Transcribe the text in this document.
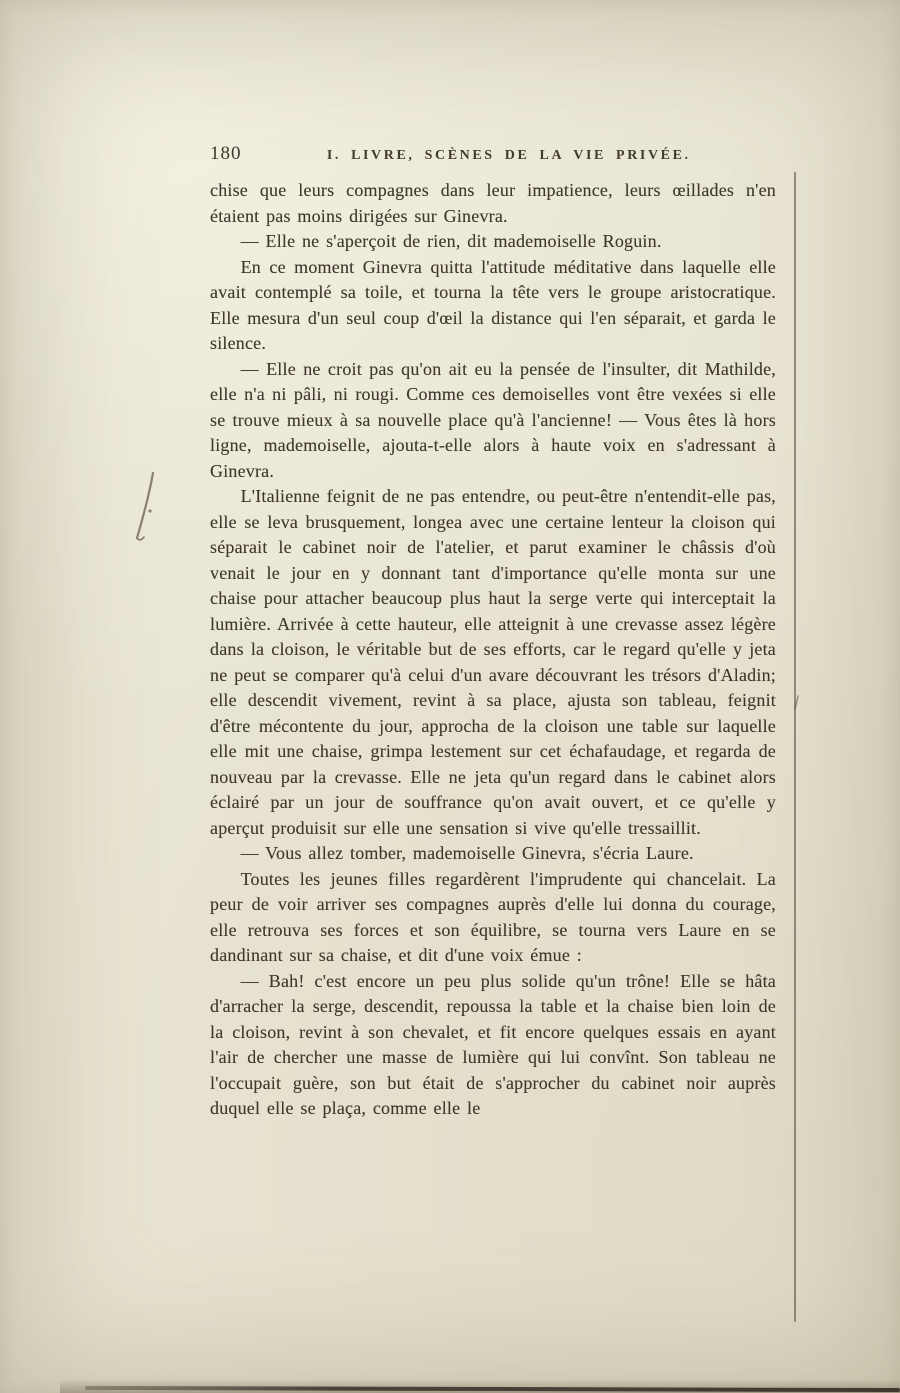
180	I. LIVRE, SCÈNES DE LA VIE PRIVÉE.

chise que leurs compagnes dans leur impatience, leurs œillades n'en étaient pas moins dirigées sur Ginevra.

— Elle ne s'aperçoit de rien, dit mademoiselle Roguin.

En ce moment Ginevra quitta l'attitude méditative dans laquelle elle avait contemplé sa toile, et tourna la tête vers le groupe aristocratique. Elle mesura d'un seul coup d'œil la distance qui l'en séparait, et garda le silence.

— Elle ne croit pas qu'on ait eu la pensée de l'insulter, dit Mathilde, elle n'a ni pâli, ni rougi. Comme ces demoiselles vont être vexées si elle se trouve mieux à sa nouvelle place qu'à l'ancienne! — Vous êtes là hors ligne, mademoiselle, ajouta-t-elle alors à haute voix en s'adressant à Ginevra.

L'Italienne feignit de ne pas entendre, ou peut-être n'entendit-elle pas, elle se leva brusquement, longea avec une certaine lenteur la cloison qui séparait le cabinet noir de l'atelier, et parut examiner le châssis d'où venait le jour en y donnant tant d'importance qu'elle monta sur une chaise pour attacher beaucoup plus haut la serge verte qui interceptait la lumière. Arrivée à cette hauteur, elle atteignit à une crevasse assez légère dans la cloison, le véritable but de ses efforts, car le regard qu'elle y jeta ne peut se comparer qu'à celui d'un avare découvrant les trésors d'Aladin; elle descendit vivement, revint à sa place, ajusta son tableau, feignit d'être mécontente du jour, approcha de la cloison une table sur laquelle elle mit une chaise, grimpa lestement sur cet échafaudage, et regarda de nouveau par la crevasse. Elle ne jeta qu'un regard dans le cabinet alors éclairé par un jour de souffrance qu'on avait ouvert, et ce qu'elle y aperçut produisit sur elle une sensation si vive qu'elle tressaillit.

— Vous allez tomber, mademoiselle Ginevra, s'écria Laure.

Toutes les jeunes filles regardèrent l'imprudente qui chancelait. La peur de voir arriver ses compagnes auprès d'elle lui donna du courage, elle retrouva ses forces et son équilibre, se tourna vers Laure en se dandinant sur sa chaise, et dit d'une voix émue :

— Bah! c'est encore un peu plus solide qu'un trône! Elle se hâta d'arracher la serge, descendit, repoussa la table et la chaise bien loin de la cloison, revint à son chevalet, et fit encore quelques essais en ayant l'air de chercher une masse de lumière qui lui convînt. Son tableau ne l'occupait guère, son but était de s'approcher du cabinet noir auprès duquel elle se plaça, comme elle le
